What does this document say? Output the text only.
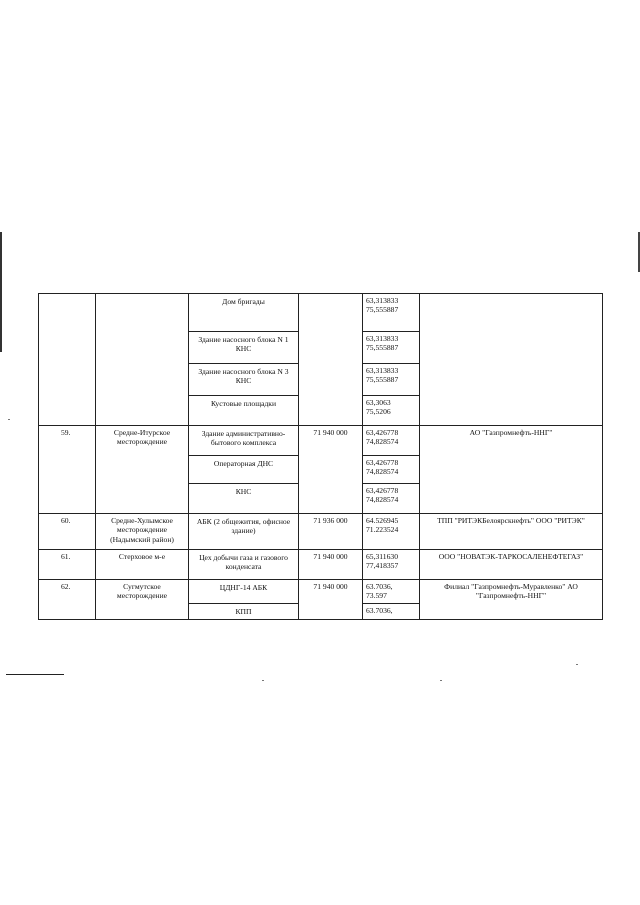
		Дом бригады		63,313833
75,555887	
		Здание насосного блока N 1 КНС		63,313833
75,555887	
		Здание насосного блока N 3 КНС		63,313833
75,555887	
		Кустовые площадки		63,3063
75,5206	
59.	Средне-Итурское месторождение	Здание административно-бытового комплекса	71 940 000	63,426778
74,828574	АО "Газпромнефть-ННГ"
		Операторная ДНС		63,426778
74,828574	
		КНС		63,426778
74,828574	
60.	Средне-Хулымское месторождение (Надымский район)	АБК (2 общежития, офисное здание)	71 936 000	64.526945
71.223524	ТПП "РИТЭКБелоярскнефть" ООО "РИТЭК"
61.	Стерховое м-е	Цех добычи газа и газового конденсата	71 940 000	65,311630
77,418357	ООО "НОВАТЭК-ТАРКОСАЛЕНЕФТЕГАЗ"
62.	Сугмутское месторождение	ЦДНГ-14 АБК	71 940 000	63.7036,
73.597	Филиал "Газпромнефть-Муравленко" АО "Газпромнефть-ННГ"
		КПП		63.7036,	
